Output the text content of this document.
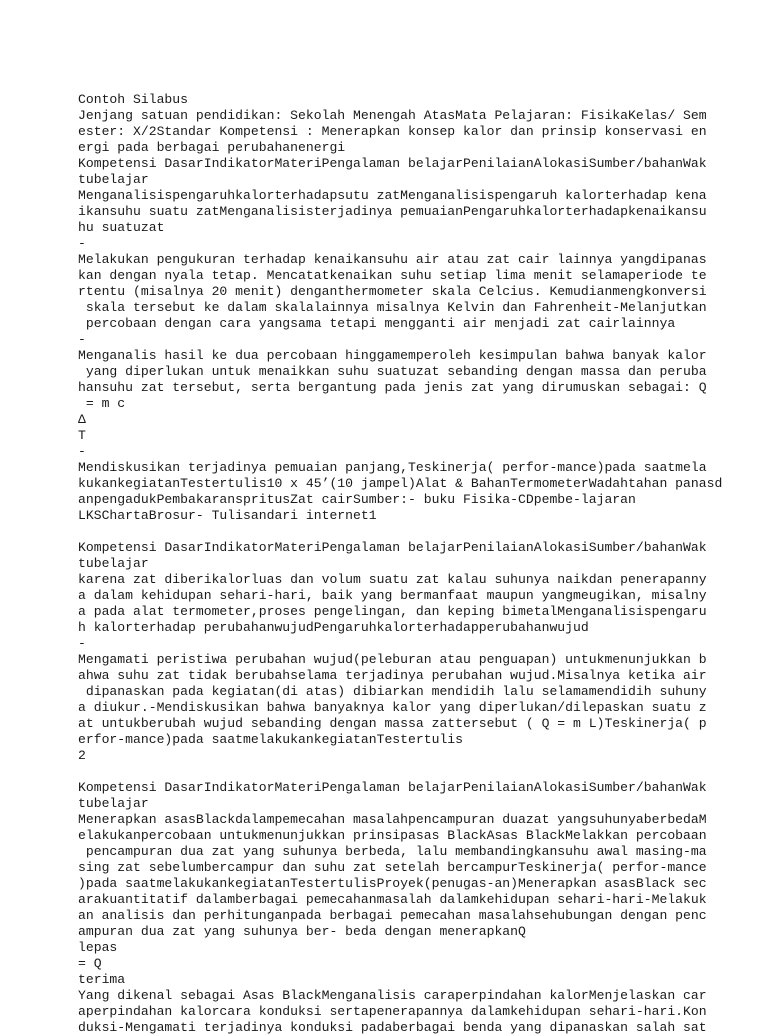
Contoh Silabus
Jenjang satuan pendidikan: Sekolah Menengah AtasMata Pelajaran: FisikaKelas/ Sem
ester: X/2Standar Kompetensi : Menerapkan konsep kalor dan prinsip konservasi en
ergi pada berbagai perubahanenergi
Kompetensi DasarIndikatorMateriPengalaman belajarPenilaianAlokasiSumber/bahanWak
tubelajar
Menganalisispengaruhkalorterhadapsutu zatMenganalisispengaruh kalorterhadap kena
ikansuhu suatu zatMenganalisisterjadinya pemuaianPengaruhkalorterhadapkenaikansu
hu suatuzat
-
Melakukan pengukuran terhadap kenaikansuhu air atau zat cair lainnya yangdipanas
kan dengan nyala tetap. Mencatatkenaikan suhu setiap lima menit selamaperiode te
rtentu (misalnya 20 menit) denganthermometer skala Celcius. Kemudianmengkonversi
skala tersebut ke dalam skalalainnya misalnya Kelvin dan Fahrenheit-Melanjutkan
percobaan dengan cara yangsama tetapi mengganti air menjadi zat cairlainnya
-
Menganalis hasil ke dua percobaan hinggamemperoleh kesimpulan bahwa banyak kalor
yang diperlukan untuk menaikkan suhu suatuzat sebanding dengan massa dan peruba
hansuhu zat tersebut, serta bergantung pada jenis zat yang dirumuskan sebagai: Q
= m c
Δ
T
-
Mendiskusikan terjadinya pemuaian panjang,Teskinerja( perfor-mance)pada saatmela
kukankegiatanTestertulis10 x 45’(10 jampel)Alat & BahanTermometerWadahtahan panasd
anpengadukPembakaranspritusZat cairSumber:- buku Fisika-CDpembe-lajaran
LKSChartaBrosur- Tulisandari internet1
Kompetensi DasarIndikatorMateriPengalaman belajarPenilaianAlokasiSumber/bahanWak
tubelajar
karena zat diberikalorluas dan volum suatu zat kalau suhunya naikdan penerapanny
a dalam kehidupan sehari-hari, baik yang bermanfaat maupun yangmeugikan, misalny
a pada alat termometer,proses pengelingan, dan keping bimetalMenganalisispengaru
h kalorterhadap perubahanwujudPengaruhkalorterhadapperubahanwujud
-
Mengamati peristiwa perubahan wujud(peleburan atau penguapan) untukmenunjukkan b
ahwa suhu zat tidak berubahselama terjadinya perubahan wujud.Misalnya ketika air
dipanaskan pada kegiatan(di atas) dibiarkan mendidih lalu selamamendidih suhuny
a diukur.-Mendiskusikan bahwa banyaknya kalor yang diperlukan/dilepaskan suatu z
at untukberubah wujud sebanding dengan massa zattersebut ( Q = m L)Teskinerja( p
erfor-mance)pada saatmelakukankegiatanTestertulis
2
Kompetensi DasarIndikatorMateriPengalaman belajarPenilaianAlokasiSumber/bahanWak
tubelajar
Menerapkan asasBlackdalampemecahan masalahpencampuran duazat yangsuhunyaberbedaM
elakukanpercobaan untukmenunjukkan prinsipasas BlackAsas BlackMelakkan percobaan
pencampuran dua zat yang suhunya berbeda, lalu membandingkansuhu awal masing-ma
sing zat sebelumbercampur dan suhu zat setelah bercampurTeskinerja( perfor-mance
)pada saatmelakukankegiatanTestertulisProyek(penugas-an)Menerapkan asasBlack sec
arakuantitatif dalamberbagai pemecahanmasalah dalamkehidupan sehari-hari-Melakuk
an analisis dan perhitunganpada berbagai pemecahan masalahsehubungan dengan penc
ampuran dua zat yang suhunya ber- beda dengan menerapkanQ
lepas
= Q
terima
Yang dikenal sebagai Asas BlackMenganalisis caraperpindahan kalorMenjelaskan car
aperpindahan kalorcara konduksi sertapenerapannya dalamkehidupan sehari-hari.Kon
duksi-Mengamati terjadinya konduksi padaberbagai benda yang dipanaskan salah sat
